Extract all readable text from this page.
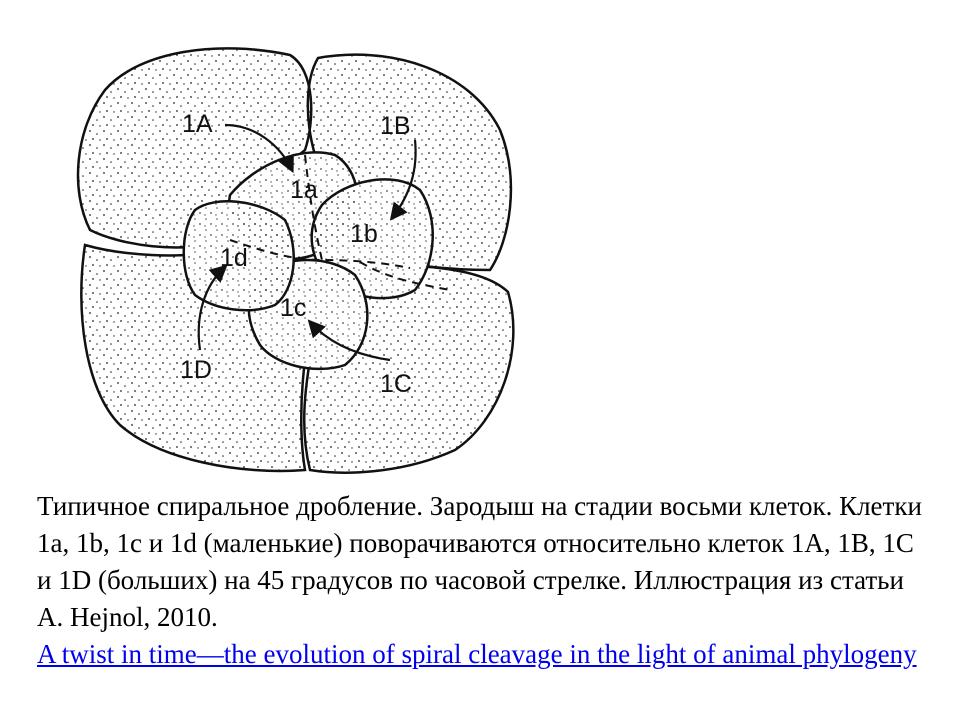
1A	1B
1C
1D
1a
1b
1c
1d

Типичное спиральное дробление. Зародыш на стадии восьми клеток. Клетки 1a, 1b, 1c и 1d (маленькие) поворачиваются относительно клеток 1A, 1B, 1C и 1D (больших) на 45 градусов по часовой стрелке. Иллюстрация из статьи A. Hejnol, 2010.

A twist in time—the evolution of spiral cleavage in the light of animal phylogeny
